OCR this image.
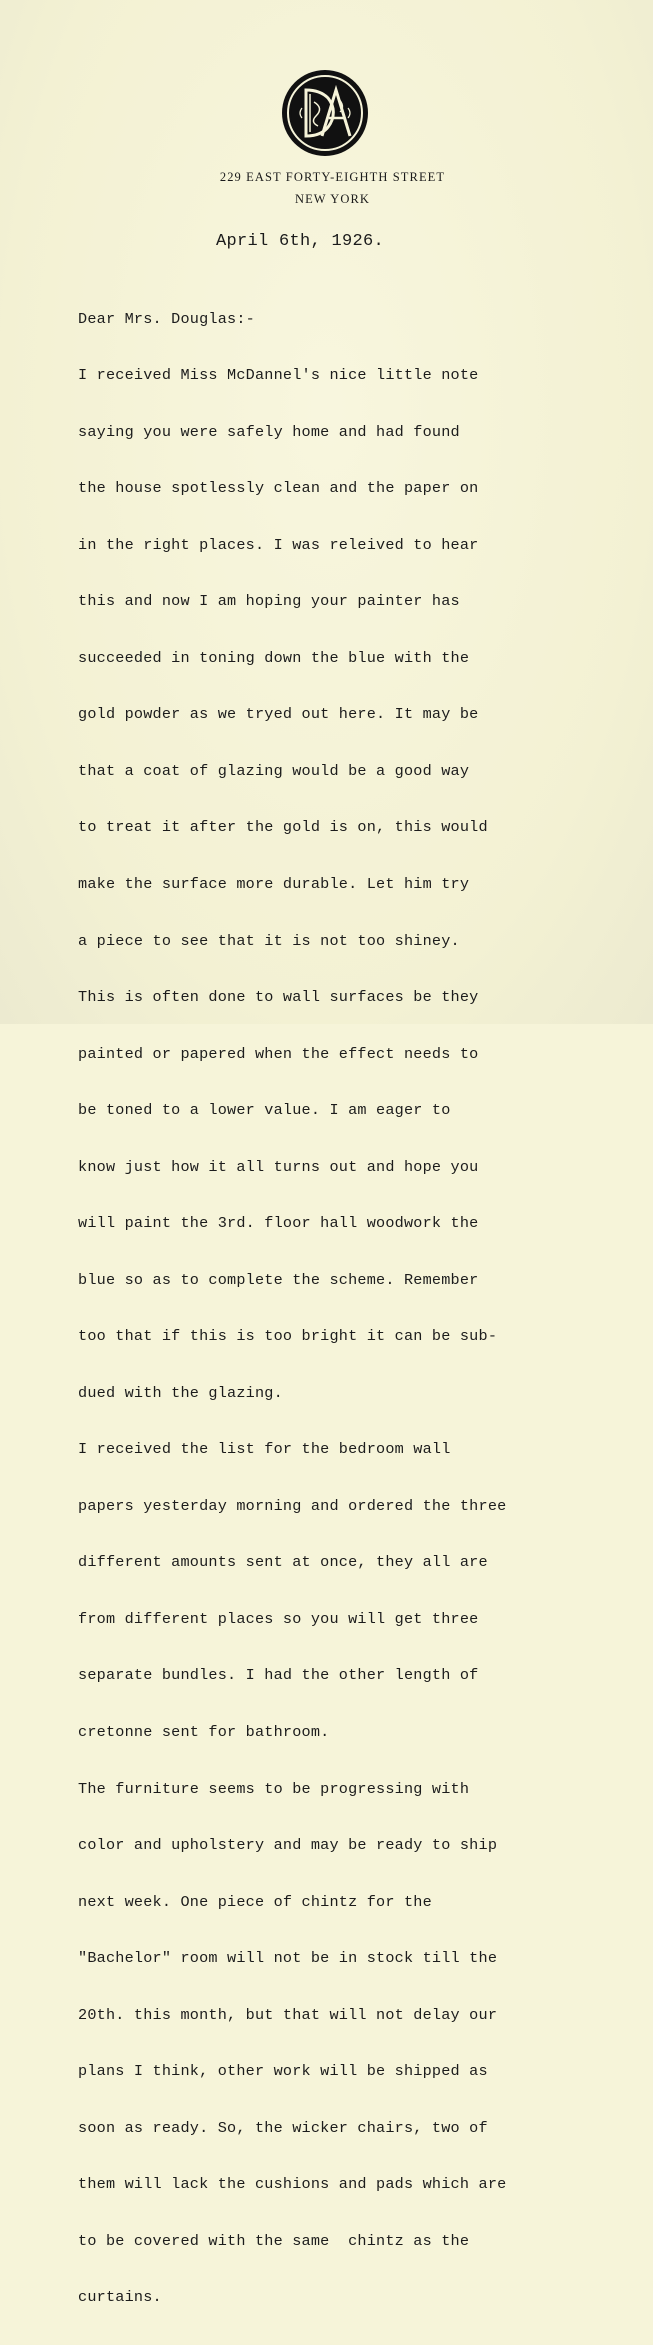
229 EAST FORTY-EIGHTH STREET
NEW YORK
April 6th, 1926.

Dear Mrs. Douglas:-

I received Miss McDannel's nice little note

saying you were safely home and had found

the house spotlessly clean and the paper on

in the right places. I was releived to hear

this and now I am hoping your painter has

succeeded in toning down the blue with the

gold powder as we tryed out here. It may be

that a coat of glazing would be a good way

to treat it after the gold is on, this would

make the surface more durable. Let him try

a piece to see that it is not too shiney.

This is often done to wall surfaces be they

painted or papered when the effect needs to

be toned to a lower value. I am eager to

know just how it all turns out and hope you

will paint the 3rd. floor hall woodwork the

blue so as to complete the scheme. Remember

too that if this is too bright it can be sub-

dued with the glazing.

I received the list for the bedroom wall

papers yesterday morning and ordered the three

different amounts sent at once, they all are

from different places so you will get three

separate bundles. I had the other length of

cretonne sent for bathroom.

The furniture seems to be progressing with

color and upholstery and may be ready to ship

next week. One piece of chintz for the

"Bachelor" room will not be in stock till the

20th. this month, but that will not delay our

plans I think, other work will be shipped as

soon as ready. So, the wicker chairs, two of

them will lack the cushions and pads which are

to be covered with the same  chintz as the

curtains.
